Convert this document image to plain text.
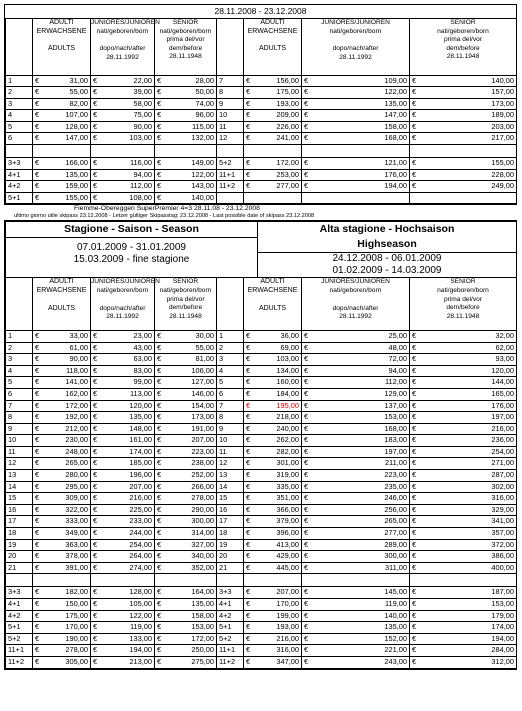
28.11.2008 - 23.12.2008

ADULTI
ERWACHSENE
ADULTS

JUNIORES/JUNIOREN
nati/geboren/born
dopo/nach/after
28.11.1992

SENIOR
nati/geboren/born
prima del/vor
dem/before
28.11.1948

ADULTI
ERWACHSENE
ADULTS

JUNIORES/JUNIOREN
nati/geboren/born
dopo/nach/after
28.11.1992

SENIOR
nati/geboren/born
prima del/vor
dem/before
28.11.1948
1	€ 31,00	€ 22,00	€ 28,00	7	€ 156,00	€ 109,00	€ 140,00

2	€ 55,00	€ 39,00	€ 50,00	8	€ 175,00	€ 122,00	€ 157,00

3	€ 82,00	€ 58,00	€ 74,00	9	€ 193,00	€ 135,00	€ 173,00

4	€ 107,00	€ 75,00	€ 96,00	10	€ 209,00	€ 147,00	€ 189,00

5	€ 128,00	€ 90,00	€ 115,00	11	€ 226,00	€ 158,00	€ 203,00

6	€ 147,00	€ 103,00	€ 132,00	12	€ 241,00	€ 168,00	€ 217,00

3+3	€ 166,00	€ 116,00	€ 149,00	5+2	€ 172,00	€ 121,00	€ 155,00

4+1	€ 135,00	€ 94,00	€ 122,00	11+1	€ 253,00	€ 176,00	€ 228,00

4+2	€ 159,00	€ 112,00	€ 143,00	11+2	€ 277,00	€ 194,00	€ 249,00

5+1	€ 155,00	€ 108,00	€ 140,00				

Fiemme-Obereggen SuperPremier 4=3 28.11.08 - 23.12.2008
ultimo giorno utile skipass 23.12.2008 - Letzer gültiger Skipasstag: 23.12.2008 - Last possible date of skipass 23.12.2008
Stagione - Saison - Season
07.01.2009 - 31.01.2009
15.03.2009 - fine stagione

Alta stagione - Hochsaison
Highseason
24.12.2008 - 06.01.2009
01.02.2009 - 14.03.2009

ADULTI
ERWACHSENE
ADULTS

JUNIORES/JUNIOREN
nati/geboren/born
dopo/nach/after
28.11.1992

SENIOR
nati/geboren/born
prima del/vor
dem/before
28.11.1948

ADULTI
ERWACHSENE
ADULTS

JUNIORES/JUNIOREN
nati/geboren/born
dopo/nach/after
28.11.1992

SENIOR
nati/geboren/born
prima del/vor
dem/before
28.11.1948
1	€ 33,00	€ 23,00	€ 30,00	1	€ 36,00	€ 25,00	€ 32,00

2	€ 61,00	€ 43,00	€ 55,00	2	€ 69,00	€ 48,00	€ 62,00

3	€ 90,00	€ 63,00	€ 81,00	3	€ 103,00	€ 72,00	€ 93,00

4	€ 118,00	€ 83,00	€ 106,00	4	€ 134,00	€ 94,00	€ 120,00

5	€ 141,00	€ 99,00	€ 127,00	5	€ 160,00	€ 112,00	€ 144,00

6	€ 162,00	€ 113,00	€ 146,00	6	€ 184,00	€ 129,00	€ 165,00

7	€ 172,00	€ 120,00	€ 154,00	7	€ 195,00	€ 137,00	€ 176,00

8	€ 192,00	€ 135,00	€ 173,00	8	€ 218,00	€ 153,00	€ 197,00

9	€ 212,00	€ 148,00	€ 191,00	9	€ 240,00	€ 168,00	€ 216,00

10	€ 230,00	€ 161,00	€ 207,00	10	€ 262,00	€ 183,00	€ 236,00

11	€ 248,00	€ 174,00	€ 223,00	11	€ 282,00	€ 197,00	€ 254,00

12	€ 265,00	€ 185,00	€ 238,00	12	€ 301,00	€ 211,00	€ 271,00

13	€ 280,00	€ 196,00	€ 252,00	13	€ 319,00	€ 223,00	€ 287,00

14	€ 295,00	€ 207,00	€ 266,00	14	€ 335,00	€ 235,00	€ 302,00

15	€ 309,00	€ 216,00	€ 278,00	15	€ 351,00	€ 246,00	€ 316,00

16	€ 322,00	€ 225,00	€ 290,00	16	€ 366,00	€ 256,00	€ 329,00

17	€ 333,00	€ 233,00	€ 300,00	17	€ 379,00	€ 265,00	€ 341,00

18	€ 349,00	€ 244,00	€ 314,00	18	€ 396,00	€ 277,00	€ 357,00

19	€ 363,00	€ 254,00	€ 327,00	19	€ 413,00	€ 289,00	€ 372,00

20	€ 378,00	€ 264,00	€ 340,00	20	€ 429,00	€ 300,00	€ 386,00

21	€ 391,00	€ 274,00	€ 352,00	21	€ 445,00	€ 311,00	€ 400,00

3+3	€ 182,00	€ 128,00	€ 164,00	3+3	€ 207,00	€ 145,00	€ 187,00

4+1	€ 150,00	€ 105,00	€ 135,00	4+1	€ 170,00	€ 119,00	€ 153,00

4+2	€ 175,00	€ 122,00	€ 158,00	4+2	€ 199,00	€ 140,00	€ 179,00

5+1	€ 170,00	€ 119,00	€ 153,00	5+1	€ 193,00	€ 135,00	€ 174,00

5+2	€ 190,00	€ 133,00	€ 172,00	5+2	€ 216,00	€ 152,00	€ 194,00

11+1	€ 278,00	€ 194,00	€ 250,00	11+1	€ 316,00	€ 221,00	€ 284,00

11+2	€ 305,00	€ 213,00	€ 275,00	11+2	€ 347,00	€ 243,00	€ 312,00
